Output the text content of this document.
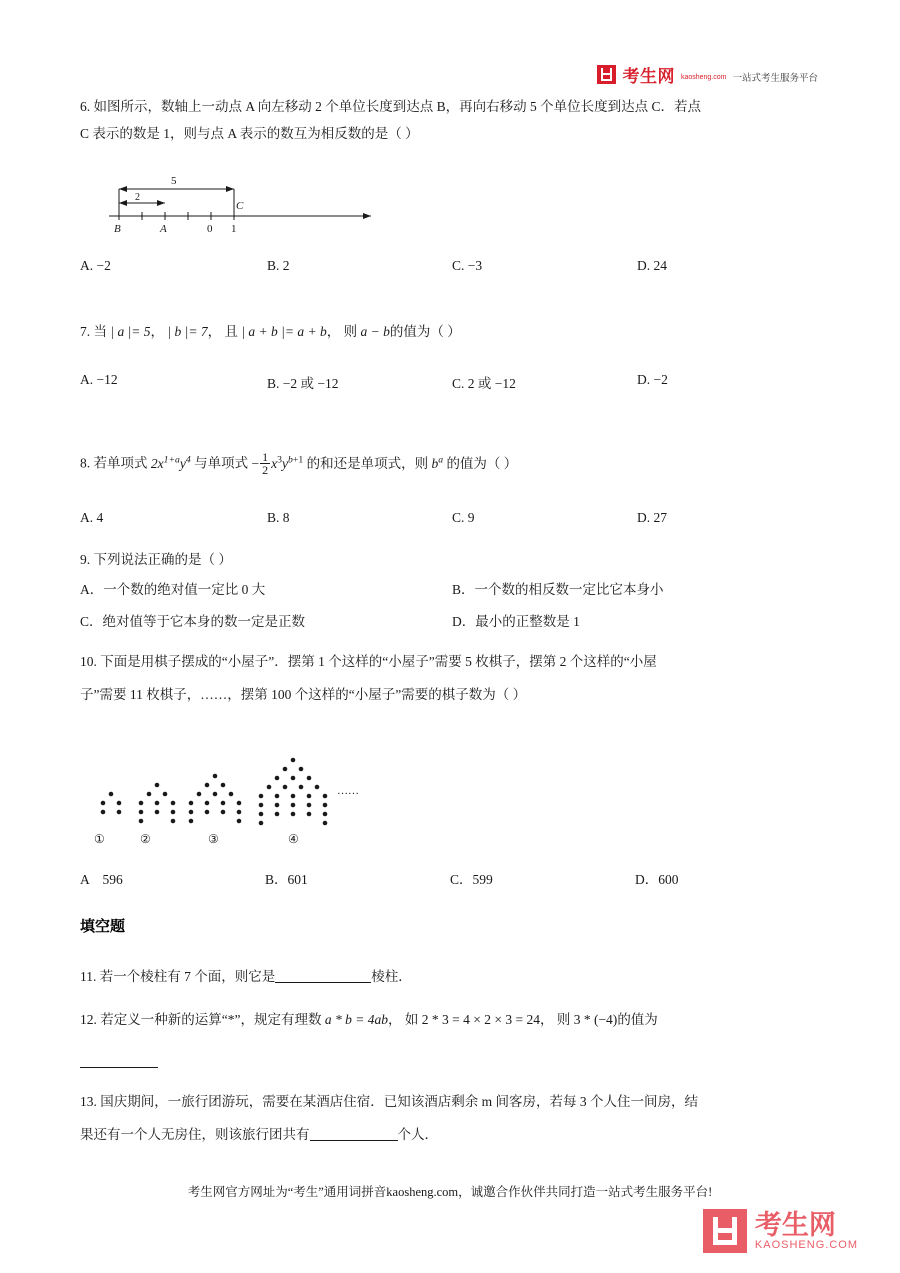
考生网 kaosheng.com 一站式考生服务平台
6. 如图所示，数轴上一动点 A 向左移动 2 个单位长度到达点 B，再向右移动 5 个单位长度到达点 C．若点
C 表示的数是 1，则与点 A 表示的数互为相反数的是（ ）
5
2
B	A	0 1
C
A. −2	B. 2	C. −3	D. 24
7. 当 | a |= 5， | b |= 7， 且 | a + b |= a + b， 则 a − b的值为（ ）
A. −12	B. −2 或 −12	C. 2 或 −12	D. −2
8. 若单项式 $2x^{1+a}y^4$ 与单项式 − $\frac{1}{2} x^3y^{b+1}$ 的和还是单项式，则 $b^a$ 的值为（ ）
A. 4	B. 8	C. 9	D. 27
9. 下列说法正确的是（ ）
A．一个数的绝对值一定比 0 大	B．一个数的相反数一定比它本身小
C．绝对值等于它本身的数一定是正数	D．最小的正整数是 1
10. 下面是用棋子摆成的“小屋子”．摆第 1 个这样的“小屋子”需要 5 枚棋子，摆第 2 个这样的“小屋
子”需要 11 枚棋子，……，摆第 100 个这样的“小屋子”需要的棋子数为（ ）
……
①	②	③	④
A　596	B．601	C．599	D．600
填空题
11. 若一个棱柱有 7 个面，则它是	棱柱．
12. 若定义一种新的运算“*”，规定有理数 a * b = 4ab， 如 2 * 3 = 4 × 2 × 3 = 24， 则 3 * (−4)的值为
13. 国庆期间，一旅行团游玩，需要在某酒店住宿．已知该酒店剩余 m 间客房，若每 3 个人住一间房，结
果还有一个人无房住，则该旅行团共有	个人．
考生网官方网址为“考生”通用词拼音kaosheng.com，诚邀合作伙伴共同打造一站式考生服务平台!
考生网
KAOSHENG.COM
